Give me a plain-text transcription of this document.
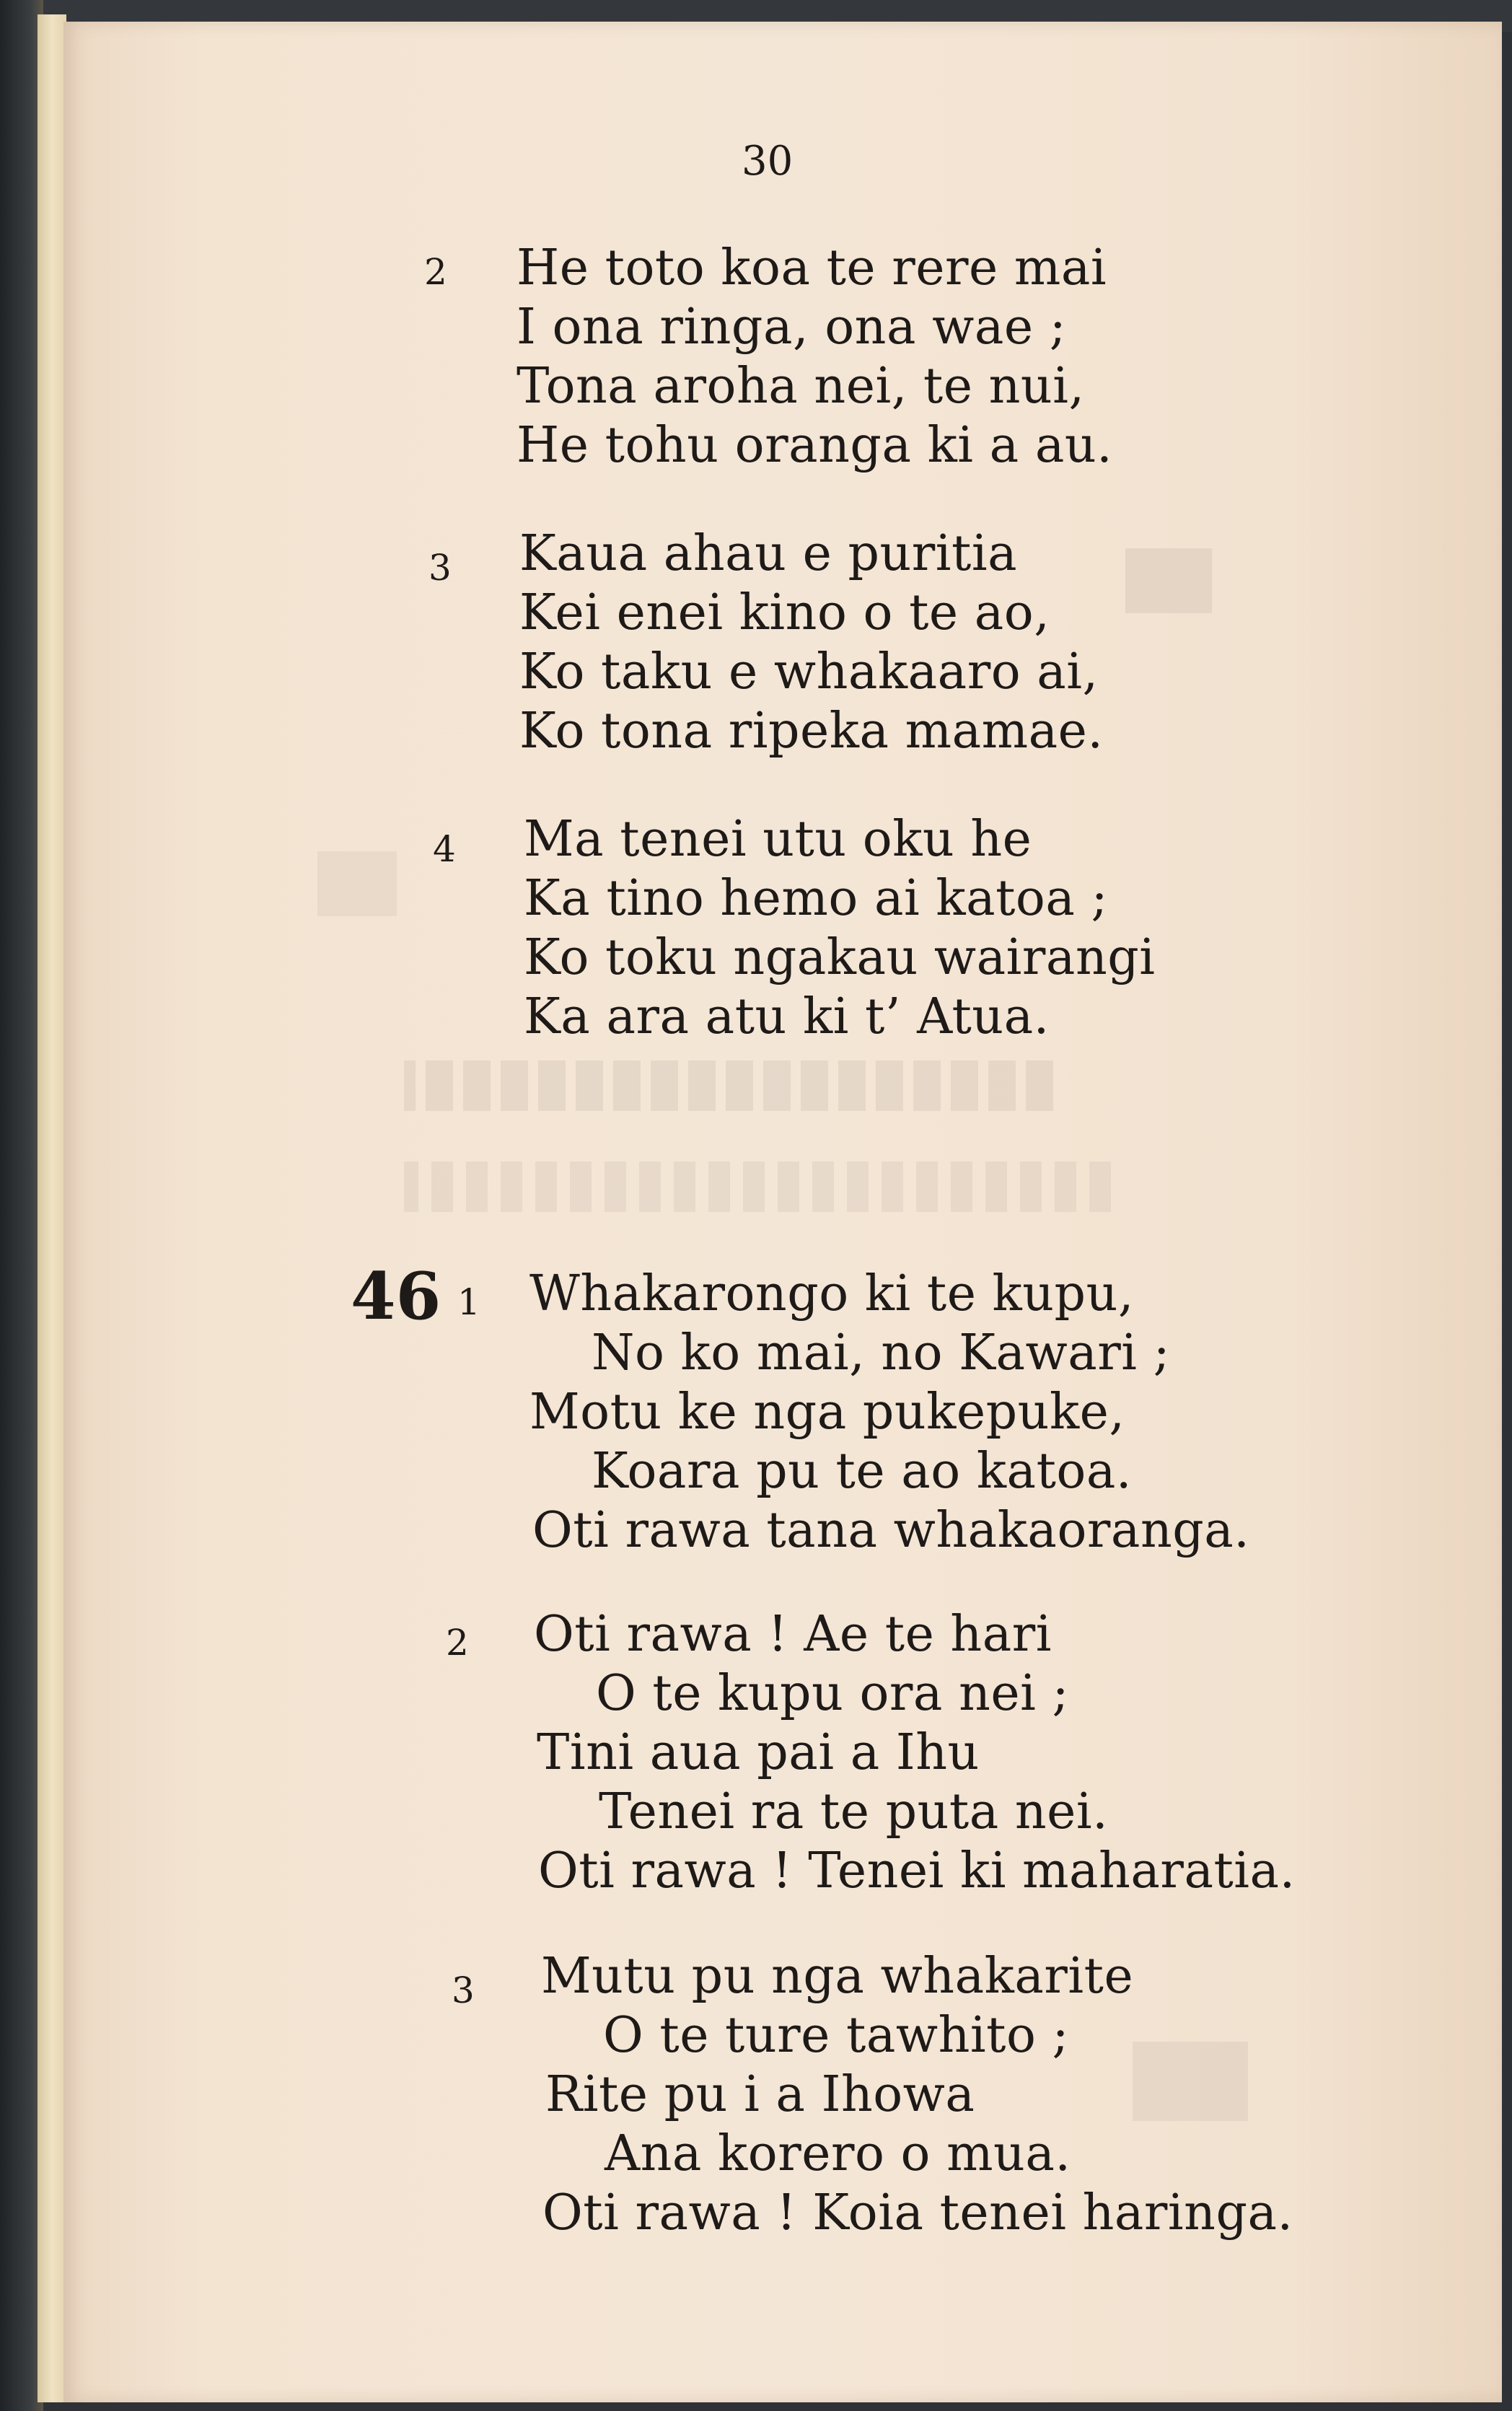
30
2 He toto koa te rere mai
I ona ringa, ona wae ;
Tona aroha nei, te nui,
He tohu oranga ki a au.
3 Kaua ahau e puritia
Kei enei kino o te ao,
Ko taku e whakaaro ai,
Ko tona ripeka mamae.
4 Ma tenei utu oku he
Ka tino hemo ai katoa ;
Ko toku ngakau wairangi
Ka ara atu ki t’ Atua.
46 1 Whakarongo ki te kupu,
No ko mai, no Kawari ;
Motu ke nga pukepuke,
Koara pu te ao katoa.
Oti rawa tana whakaoranga.
2 Oti rawa ! Ae te hari
O te kupu ora nei ;
Tini aua pai a Ihu
Tenei ra te puta nei.
Oti rawa ! Tenei ki maharatia.
3 Mutu pu nga whakarite
O te ture tawhito ;
Rite pu i a Ihowa
Ana korero o mua.
Oti rawa ! Koia tenei haringa.
